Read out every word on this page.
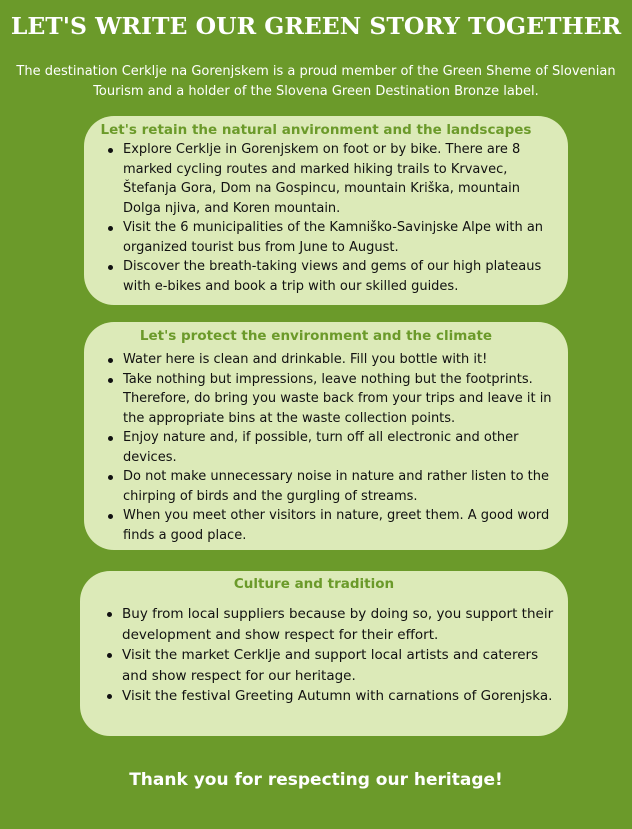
LET'S WRITE OUR GREEN STORY TOGETHER
The destination Cerklje na Gorenjskem is a proud member of the Green Sheme of Slovenian Tourism and a holder of the Slovena Green Destination Bronze label.
Let's retain the natural anvironment and the landscapes
Explore Cerklje in Gorenjskem on foot or by bike. There are 8 marked cycling routes and marked hiking trails to Krvavec, Štefanja Gora, Dom na Gospincu, mountain Kriška, mountain Dolga njiva, and Koren mountain.
Visit the 6 municipalities of the Kamniško-Savinjske Alpe with an organized tourist bus from June to August.
Discover the breath-taking views and gems of our high plateaus with e-bikes and book a trip with our skilled guides.
Let's protect the environment and the climate
Water here is clean and drinkable. Fill you bottle with it!
Take nothing but impressions, leave nothing but the footprints. Therefore, do bring you waste back from your trips and leave it in the appropriate bins at the waste collection points.
Enjoy nature and, if possible, turn off all electronic and other devices.
Do not make unnecessary noise in nature and rather listen to the chirping of birds and the gurgling of streams.
When you meet other visitors in nature, greet them. A good word finds a good place.
Culture and tradition
Buy from local suppliers because by doing so, you support their development and show respect for their effort.
Visit the market Cerklje and support local artists and caterers and show respect for our heritage.
Visit the festival Greeting Autumn with carnations of Gorenjska.
Thank you for respecting our heritage!
